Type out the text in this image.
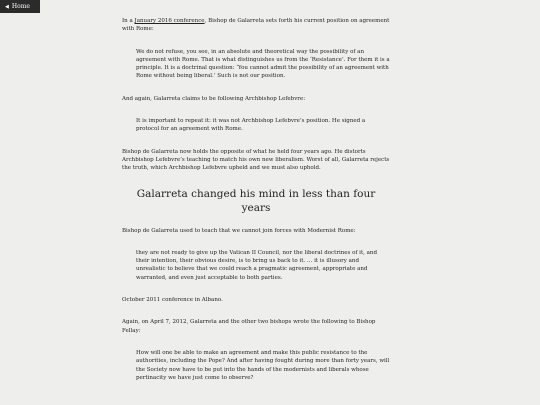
◀ Home

In a January 2016 conference, Bishop de Galarreta sets forth his current position on agreement with Rome:

We do not refuse, you see, in an absolute and theoretical way the possibility of an agreement with Rome. That is what distinguishes us from the ‘Resistance’. For them it is a principle. It is a doctrinal question: ‘You cannot admit the possibility of an agreement with Rome without being liberal.’ Such is not our position.

And again, Galarreta claims to be following Archbishop Lefebvre:

It is important to repeat it: it was not Archbishop Lefebvre’s position. He signed a protocol for an agreement with Rome.

Bishop de Galarreta now holds the opposite of what he held four years ago. He distorts Archbishop Lefebvre’s teaching to match his own new liberalism. Worst of all, Galarreta rejects the truth, which Archbishop Lefebvre upheld and we must also uphold.

Galarreta changed his mind in less than four years

Bishop de Galarreta used to teach that we cannot join forces with Modernist Rome:

they are not ready to give up the Vatican II Council, nor the liberal doctrines of it, and their intention, their obvious desire, is to bring us back to it. … it is illusory and unrealistic to believe that we could reach a pragmatic agreement, appropriate and warranted, and even just acceptable to both parties.

October 2011 conference in Albano.

Again, on April 7, 2012, Galarreta and the other two bishops wrote the following to Bishop Fellay:

How will one be able to make an agreement and make this public resistance to the authorities, including the Pope? And after having fought during more than forty years, will the Society now have to be put into the hands of the modernists and liberals whose pertinacity we have just come to observe?
